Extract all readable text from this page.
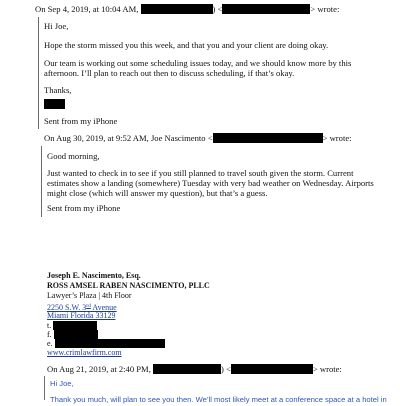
On Sep 4, 2019, at 10:04 AM,	) <	> wrote:
Hi Joe,
Hope the storm missed you this week, and that you and your client are doing okay.
Our team is working out some scheduling issues today, and we should know more by this
afternoon. I’ll plan to reach out then to discuss scheduling, if that’s okay.
Thanks,
Sent from my iPhone
On Aug 30, 2019, at 9:52 AM, Joe Nascimento <	> wrote:
Good morning,
Just wanted to check in to see if you still planned to travel south given the storm. Current
estimates show a landing (somewhere) Tuesday with very bad weather on Wednesday. Airports
might close (which will answer my question), but that’s a guess.
Sent from my iPhone
Joseph E. Nascimento, Esq.
ROSS AMSEL RABEN NASCIMENTO, PLLC
Lawyer’s Plaza | 4th Floor
2250 S.W. 3rd Avenue
Miami Florida 33129
t.
f.
e.
www.crimlawfirm.com
On Aug 21, 2019, at 2:40 PM,	) <	> wrote:
Hi Joe,
Thank you much, will plan to see you then. We’ll most likely meet at a conference space at a hotel in
